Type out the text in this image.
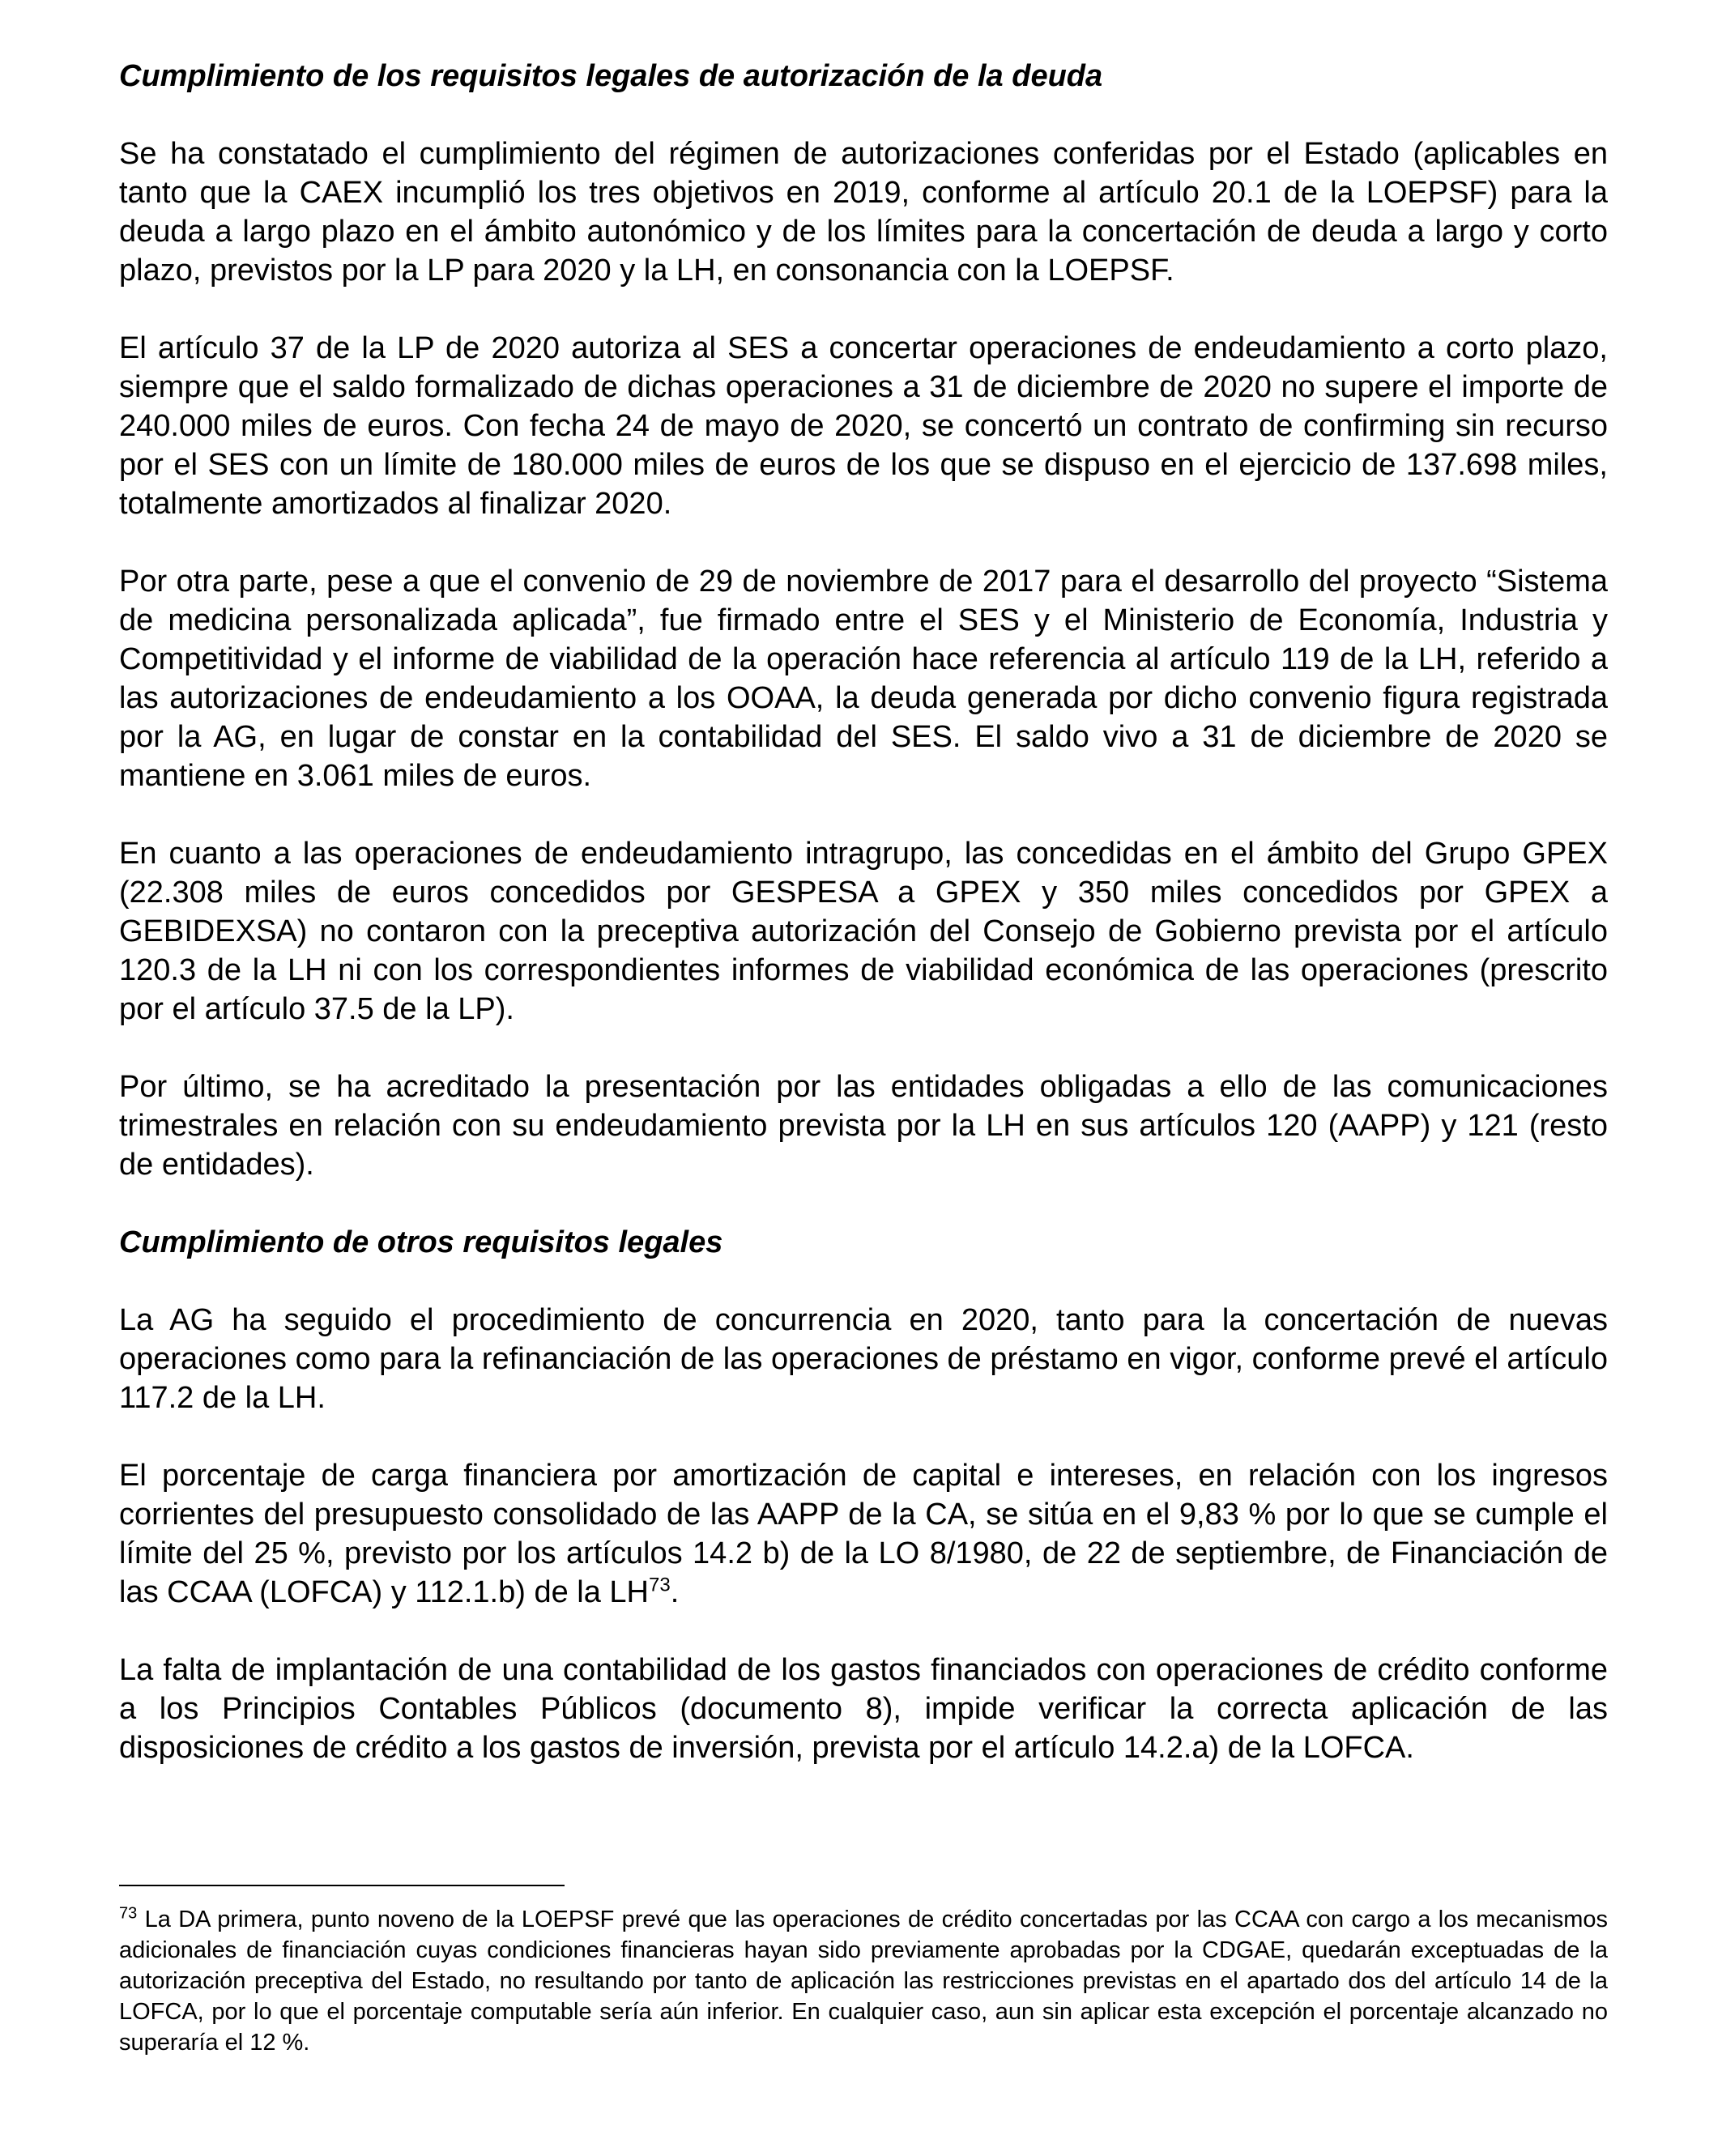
Cumplimiento de los requisitos legales de autorización de la deuda

Se ha constatado el cumplimiento del régimen de autorizaciones conferidas por el Estado (aplicables en tanto que la CAEX incumplió los tres objetivos en 2019, conforme al artículo 20.1 de la LOEPSF) para la deuda a largo plazo en el ámbito autonómico y de los límites para la concertación de deuda a largo y corto plazo, previstos por la LP para 2020 y la LH, en consonancia con la LOEPSF.

El artículo 37 de la LP de 2020 autoriza al SES a concertar operaciones de endeudamiento a corto plazo, siempre que el saldo formalizado de dichas operaciones a 31 de diciembre de 2020 no supere el importe de 240.000 miles de euros. Con fecha 24 de mayo de 2020, se concertó un contrato de confirming sin recurso por el SES con un límite de 180.000 miles de euros de los que se dispuso en el ejercicio de 137.698 miles, totalmente amortizados al finalizar 2020.

Por otra parte, pese a que el convenio de 29 de noviembre de 2017 para el desarrollo del proyecto “Sistema de medicina personalizada aplicada”, fue firmado entre el SES y el Ministerio de Economía, Industria y Competitividad y el informe de viabilidad de la operación hace referencia al artículo 119 de la LH, referido a las autorizaciones de endeudamiento a los OOAA, la deuda generada por dicho convenio figura registrada por la AG, en lugar de constar en la contabilidad del SES. El saldo vivo a 31 de diciembre de 2020 se mantiene en 3.061 miles de euros.

En cuanto a las operaciones de endeudamiento intragrupo, las concedidas en el ámbito del Grupo GPEX (22.308 miles de euros concedidos por GESPESA a GPEX y 350 miles concedidos por GPEX a GEBIDEXSA) no contaron con la preceptiva autorización del Consejo de Gobierno prevista por el artículo 120.3 de la LH ni con los correspondientes informes de viabilidad económica de las operaciones (prescrito por el artículo 37.5 de la LP).

Por último, se ha acreditado la presentación por las entidades obligadas a ello de las comunicaciones trimestrales en relación con su endeudamiento prevista por la LH en sus artículos 120 (AAPP) y 121 (resto de entidades).

Cumplimiento de otros requisitos legales

La AG ha seguido el procedimiento de concurrencia en 2020, tanto para la concertación de nuevas operaciones como para la refinanciación de las operaciones de préstamo en vigor, conforme prevé el artículo 117.2 de la LH.

El porcentaje de carga financiera por amortización de capital e intereses, en relación con los ingresos corrientes del presupuesto consolidado de las AAPP de la CA, se sitúa en el 9,83 % por lo que se cumple el límite del 25 %, previsto por los artículos 14.2 b) de la LO 8/1980, de 22 de septiembre, de Financiación de las CCAA (LOFCA) y 112.1.b) de la LH$^{73}$.

La falta de implantación de una contabilidad de los gastos financiados con operaciones de crédito conforme a los Principios Contables Públicos (documento 8), impide verificar la correcta aplicación de las disposiciones de crédito a los gastos de inversión, prevista por el artículo 14.2.a) de la LOFCA.

$^{73}$ La DA primera, punto noveno de la LOEPSF prevé que las operaciones de crédito concertadas por las CCAA con cargo a los mecanismos adicionales de financiación cuyas condiciones financieras hayan sido previamente aprobadas por la CDGAE, quedarán exceptuadas de la autorización preceptiva del Estado, no resultando por tanto de aplicación las restricciones previstas en el apartado dos del artículo 14 de la LOFCA, por lo que el porcentaje computable sería aún inferior. En cualquier caso, aun sin aplicar esta excepción el porcentaje alcanzado no superaría el 12 %.
